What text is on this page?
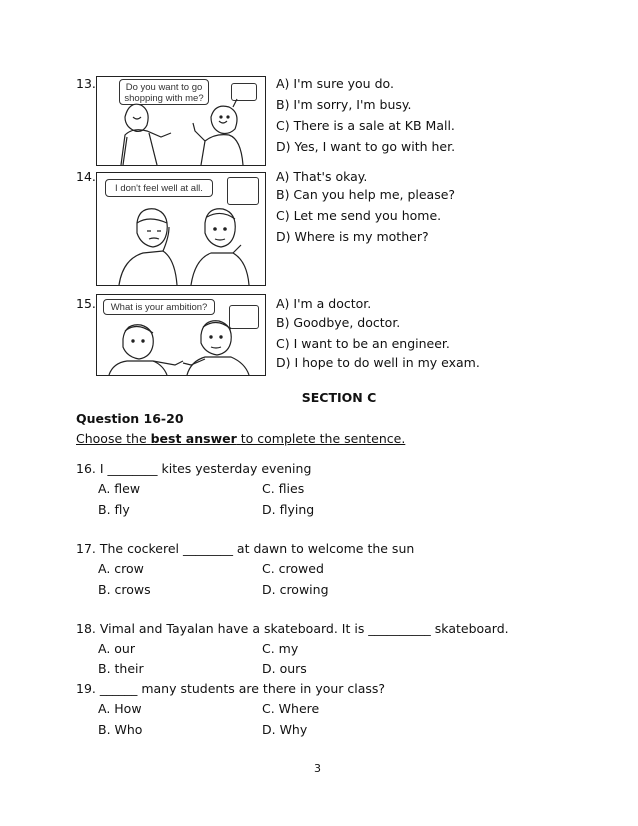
13.	Do you want to go shopping with me?
A) I'm sure you do.
B) I'm sorry, I'm busy.
C) There is a sale at KB Mall.
D) Yes, I want to go with her.
14.
I don't feel well at all.
A) That's okay.
B) Can you help me, please?
C) Let me send you home.
D) Where is my mother?
15.	What is your ambition?	A) I'm a doctor.
B) Goodbye, doctor.
C) I want to be an engineer.
D) I hope to do well in my exam.
SECTION C
Question 16-20
Choose the best answer to complete the sentence.
16. I ________ kites yesterday evening
A. flew	C. flies
B. fly	D. flying
17. The cockerel ________ at dawn to welcome the sun
A. crow	C. crowed
B. crows	D. crowing
18. Vimal and Tayalan have a skateboard. It is __________ skateboard.
A. our	C. my
B. their	D. ours
19. ______ many students are there in your class?
A. How	C. Where
B. Who	D. Why
3
